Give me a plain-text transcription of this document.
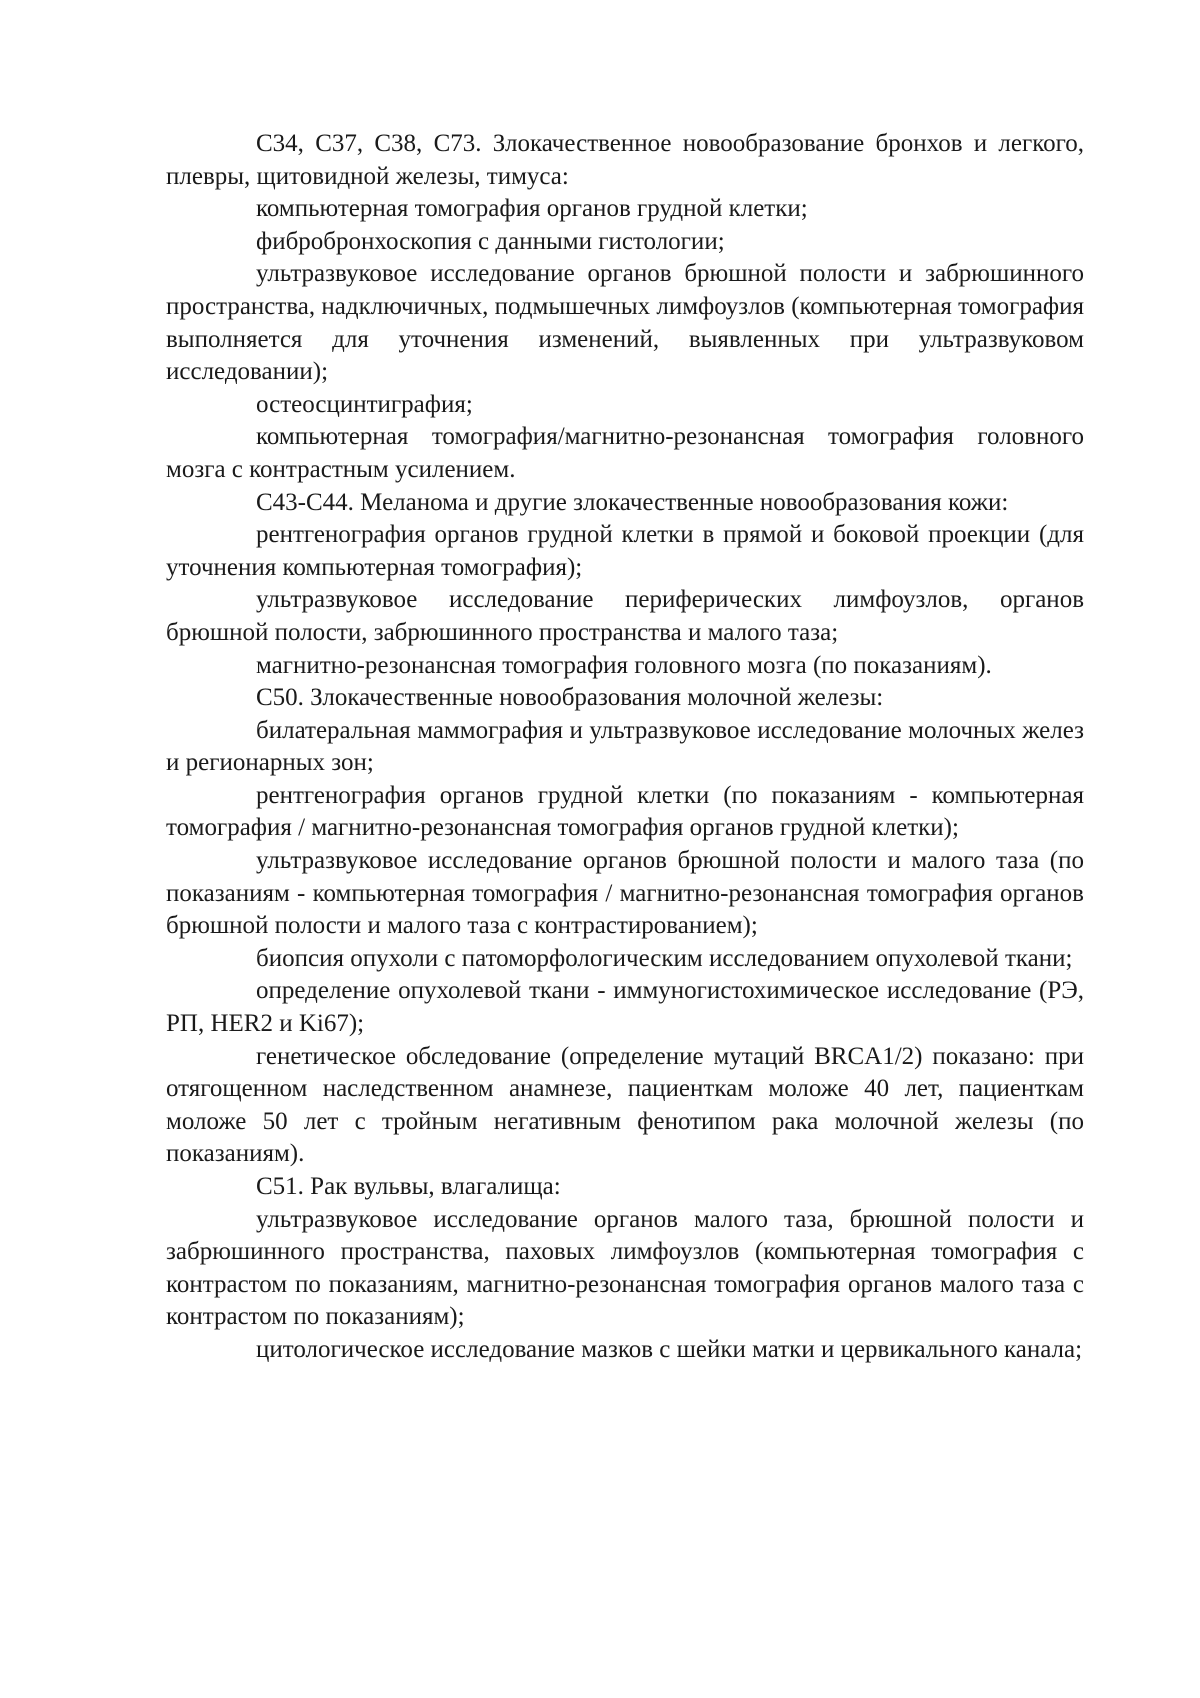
С34, С37, С38, С73. Злокачественное новообразование бронхов и легкого, плевры, щитовидной железы, тимуса:

компьютерная томография органов грудной клетки;

фибробронхоскопия с данными гистологии;

ультразвуковое исследование органов брюшной полости и забрюшинного пространства, надключичных, подмышечных лимфоузлов (компьютерная томография выполняется для уточнения изменений, выявленных при ультразвуковом исследовании);

остеосцинтиграфия;

компьютерная томография/магнитно-резонансная томография головного мозга с контрастным усилением.

С43-С44. Меланома и другие злокачественные новообразования кожи:

рентгенография органов грудной клетки в прямой и боковой проекции (для уточнения компьютерная томография);

ультразвуковое исследование периферических лимфоузлов, органов брюшной полости, забрюшинного пространства и малого таза;

магнитно-резонансная томография головного мозга (по показаниям).

С50. Злокачественные новообразования молочной железы:

билатеральная маммография и ультразвуковое исследование молочных желез и регионарных зон;

рентгенография органов грудной клетки (по показаниям - компьютерная томография / магнитно-резонансная томография органов грудной клетки);

ультразвуковое исследование органов брюшной полости и малого таза (по показаниям - компьютерная томография / магнитно-резонансная томография органов брюшной полости и малого таза с контрастированием);

биопсия опухоли с патоморфологическим исследованием опухолевой ткани;

определение опухолевой ткани - иммуногистохимическое исследование (РЭ, РП, HER2 и Ki67);

генетическое обследование (определение мутаций BRCA1/2) показано: при отягощенном наследственном анамнезе, пациенткам моложе 40 лет, пациенткам моложе 50 лет с тройным негативным фенотипом рака молочной железы (по показаниям).

С51. Рак вульвы, влагалища:

ультразвуковое исследование органов малого таза, брюшной полости и забрюшинного пространства, паховых лимфоузлов (компьютерная томография с контрастом по показаниям, магнитно-резонансная томография органов малого таза с контрастом по показаниям);

цитологическое исследование мазков с шейки матки и цервикального канала;
